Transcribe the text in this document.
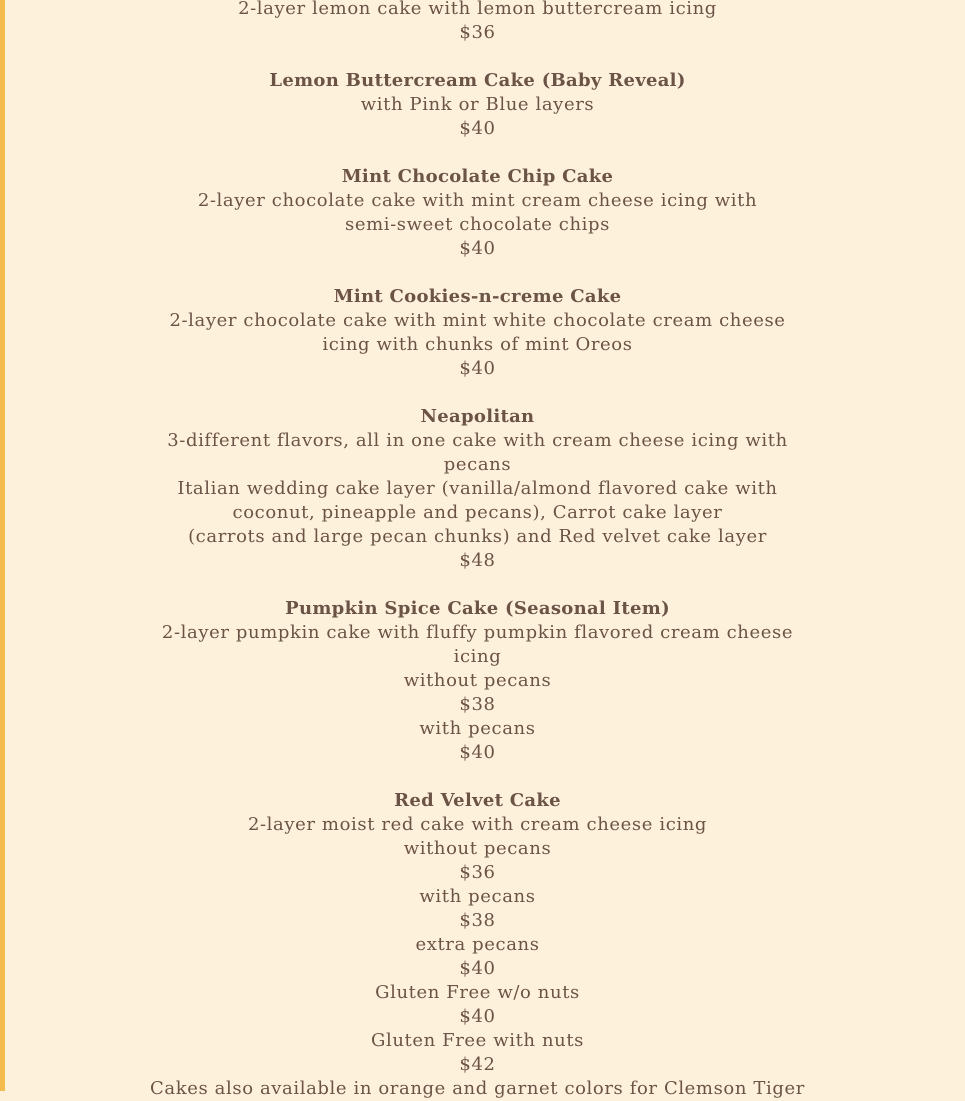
2-layer lemon cake with lemon buttercream icing
$36
Lemon Buttercream Cake (Baby Reveal)
with Pink or Blue layers
$40
Mint Chocolate Chip Cake
2-layer chocolate cake with mint cream cheese icing with
semi-sweet chocolate chips
$40
Mint Cookies-n-creme Cake
2-layer chocolate cake with mint white chocolate cream cheese
icing with chunks of mint Oreos
$40
Neapolitan
3-different flavors, all in one cake with cream cheese icing with
pecans
Italian wedding cake layer (vanilla/almond flavored cake with
coconut, pineapple and pecans), Carrot cake layer
(carrots and large pecan chunks) and Red velvet cake layer
$48
Pumpkin Spice Cake (Seasonal Item)
2-layer pumpkin cake with fluffy pumpkin flavored cream cheese
icing
without pecans
$38
with pecans
$40
Red Velvet Cake
2-layer moist red cake with cream cheese icing
without pecans
$36
with pecans
$38
extra pecans
$40
Gluten Free w/o nuts
$40
Gluten Free with nuts
$42
Cakes also available in orange and garnet colors for Clemson Tiger
